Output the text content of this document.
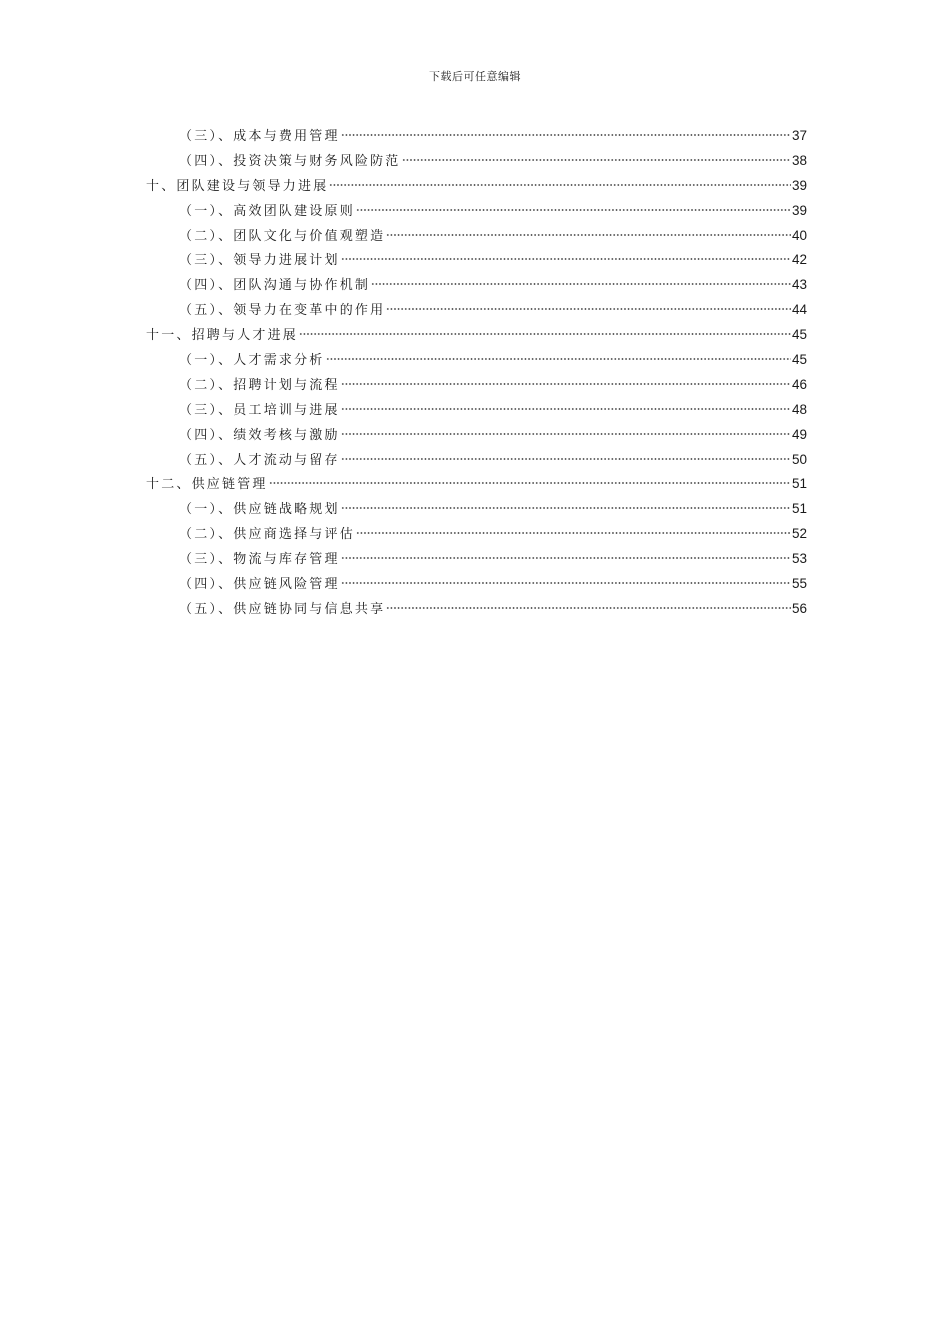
下载后可任意编辑
（三）、成本与费用管理	37
（四）、投资决策与财务风险防范	38
十、团队建设与领导力进展	39
（一）、高效团队建设原则	39
（二）、团队文化与价值观塑造	40
（三）、领导力进展计划	42
（四）、团队沟通与协作机制	43
（五）、领导力在变革中的作用	44
十一、招聘与人才进展	45
（一）、人才需求分析	45
（二）、招聘计划与流程	46
（三）、员工培训与进展	48
（四）、绩效考核与激励	49
（五）、人才流动与留存	50
十二、供应链管理	51
（一）、供应链战略规划	51
（二）、供应商选择与评估	52
（三）、物流与库存管理	53
（四）、供应链风险管理	55
（五）、供应链协同与信息共享	56
